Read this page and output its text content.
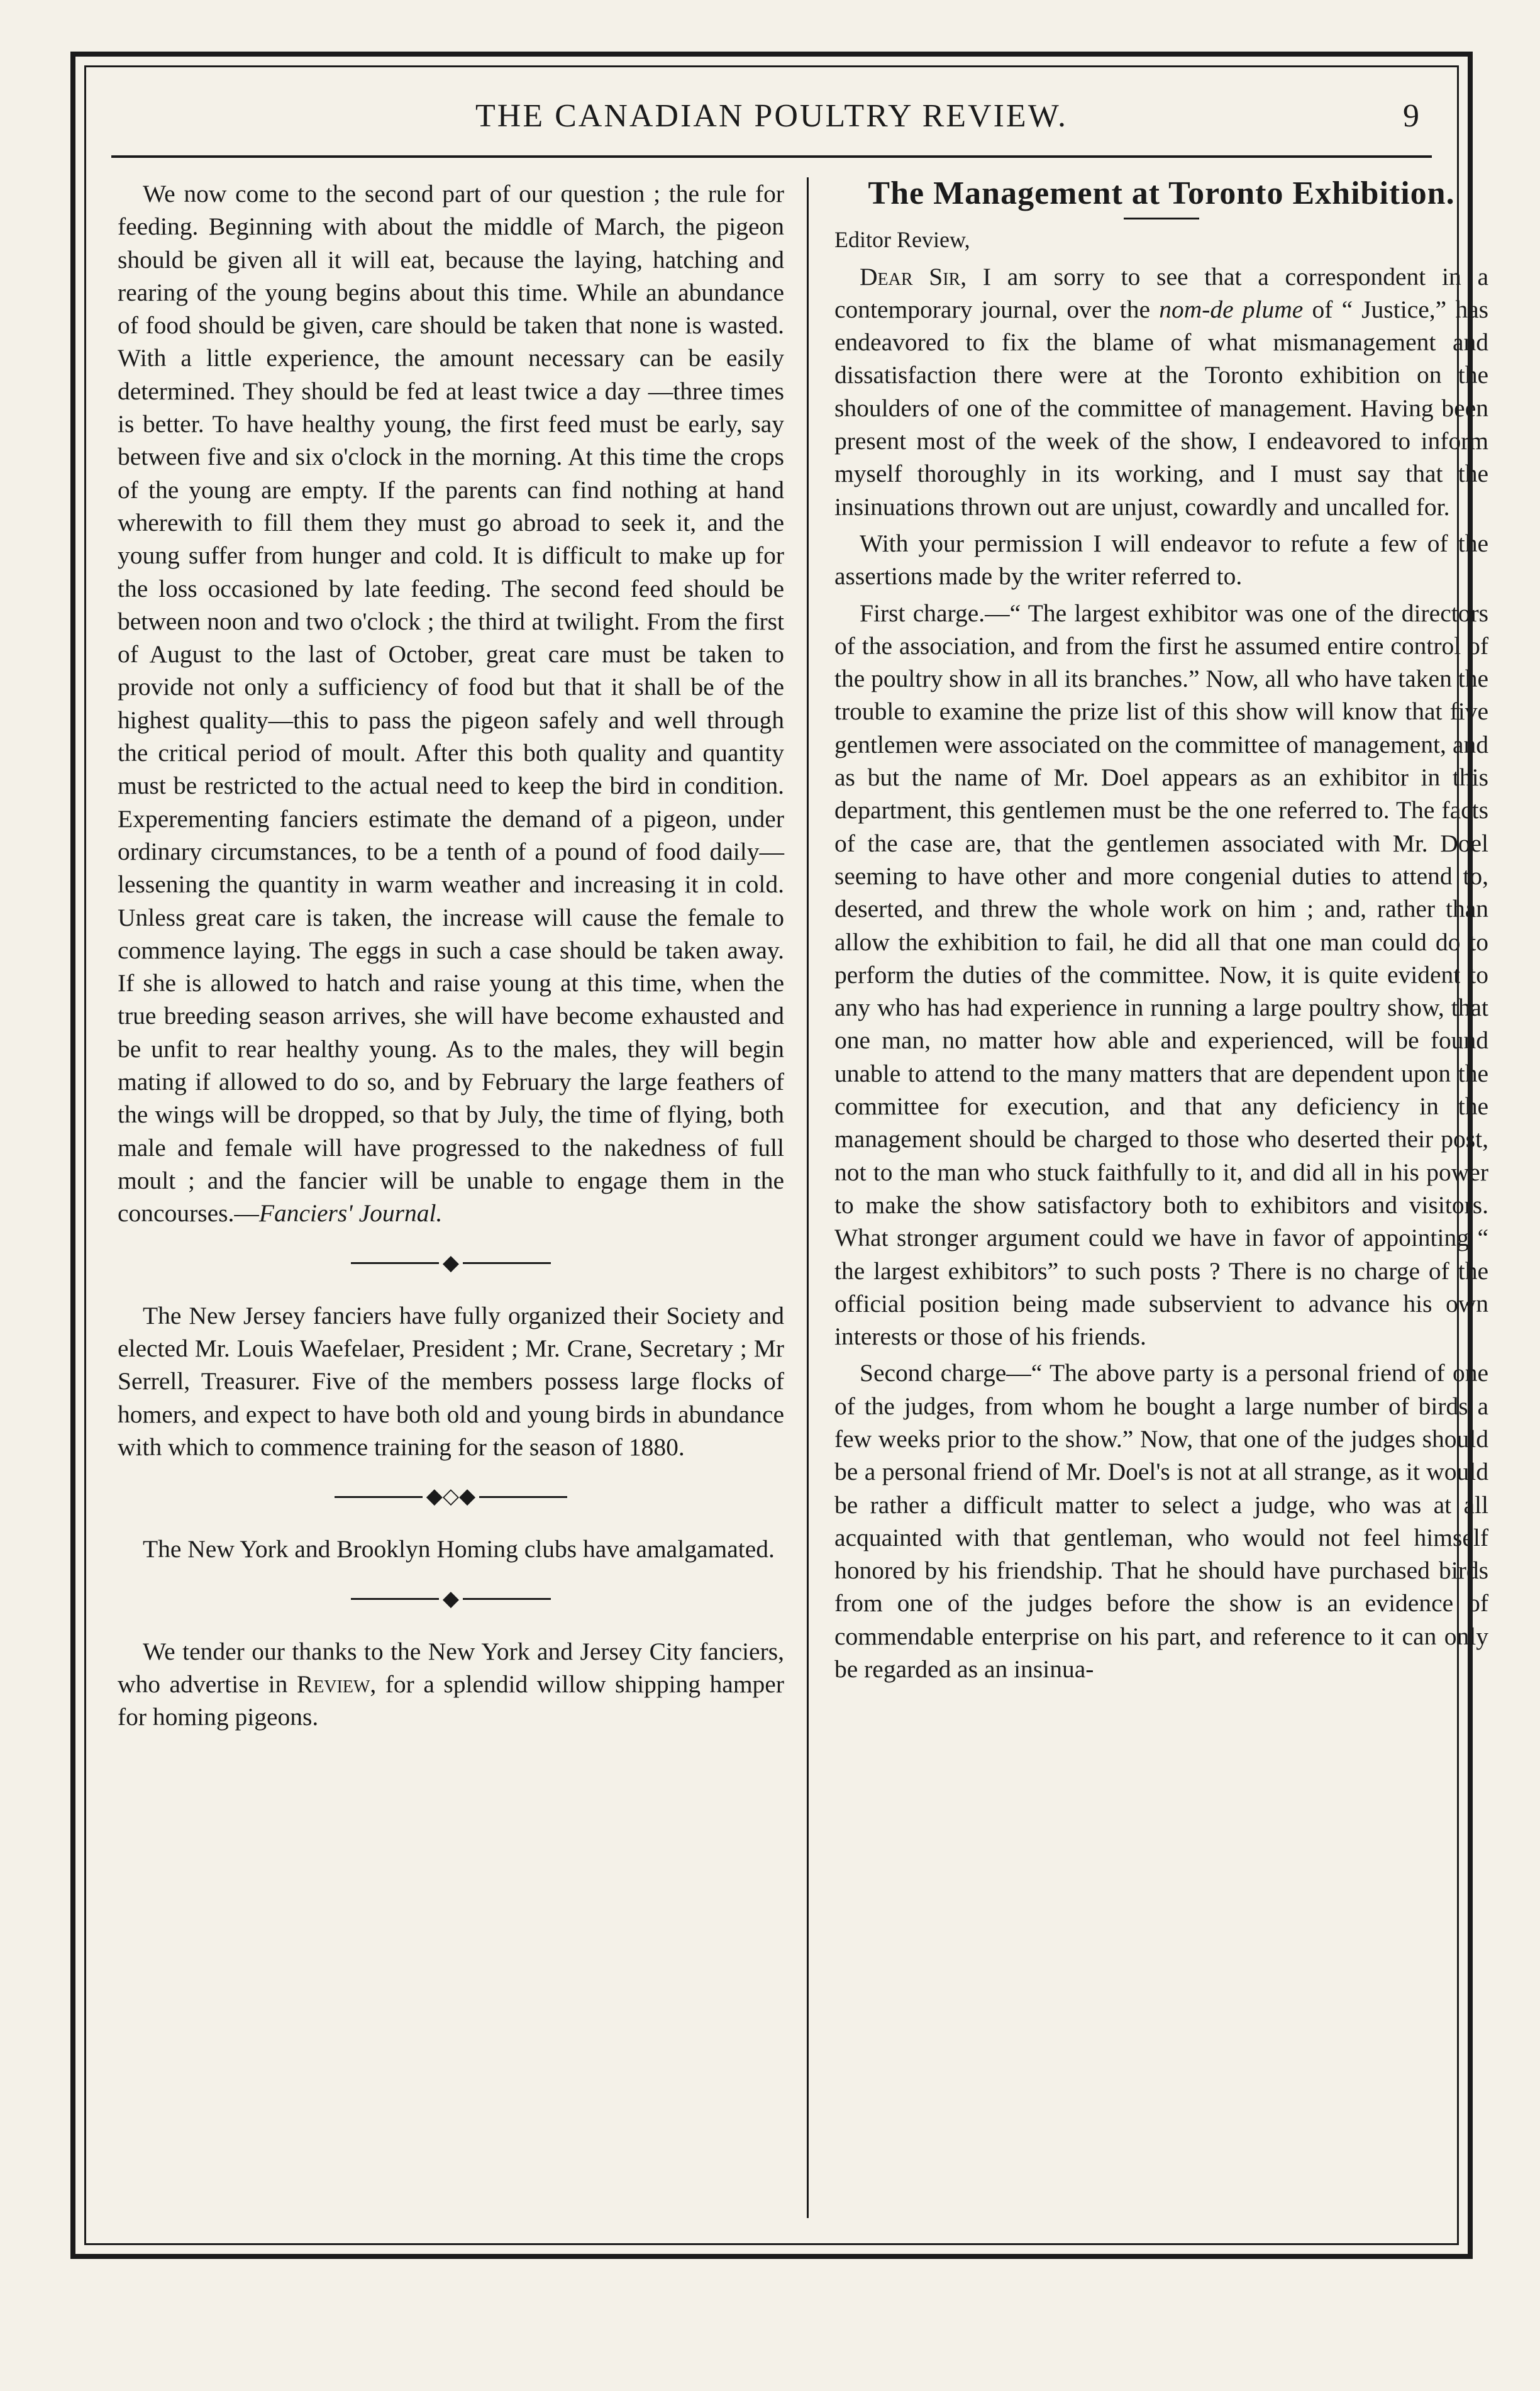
THE CANADIAN POULTRY REVIEW.	9

We now come to the second part of our question ; the rule for feeding. Beginning with about the middle of March, the pigeon should be given all it will eat, because the laying, hatching and rearing of the young begins about this time. While an abundance of food should be given, care should be taken that none is wasted. With a little experience, the amount necessary can be easily determined. They should be fed at least twice a day —three times is better. To have healthy young, the first feed must be early, say between five and six o'clock in the morning. At this time the crops of the young are empty. If the parents can find nothing at hand wherewith to fill them they must go abroad to seek it, and the young suffer from hunger and cold. It is difficult to make up for the loss occasioned by late feeding. The second feed should be between noon and two o'clock ; the third at twilight. From the first of August to the last of October, great care must be taken to provide not only a sufficiency of food but that it shall be of the highest quality—this to pass the pigeon safely and well through the critical period of moult. After this both quality and quantity must be restricted to the actual need to keep the bird in condition. Experementing fanciers estimate the demand of a pigeon, under ordinary circumstances, to be a tenth of a pound of food daily—lessening the quantity in warm weather and increasing it in cold. Unless great care is taken, the increase will cause the female to commence laying. The eggs in such a case should be taken away. If she is allowed to hatch and raise young at this time, when the true breeding season arrives, she will have become exhausted and be unfit to rear healthy young. As to the males, they will begin mating if allowed to do so, and by February the large feathers of the wings will be dropped, so that by July, the time of flying, both male and female will have progressed to the nakedness of full moult ; and the fancier will be unable to engage them in the concourses.—Fanciers' Journal.

◆

The New Jersey fanciers have fully organized their Society and elected Mr. Louis Waefelaer, President ; Mr. Crane, Secretary ; Mr Serrell, Treasurer. Five of the members possess large flocks of homers, and expect to have both old and young birds in abundance with which to commence training for the season of 1880.

◆◇◆

The New York and Brooklyn Homing clubs have amalgamated.

◆

We tender our thanks to the New York and Jersey City fanciers, who advertise in Review, for a splendid willow shipping hamper for homing pigeons.

The Management at Toronto Exhibition.

Editor Review,

Dear Sir, I am sorry to see that a correspondent in a contemporary journal, over the nom-de plume of “ Justice,” has endeavored to fix the blame of what mismanagement and dissatisfaction there were at the Toronto exhibition on the shoulders of one of the committee of management. Having been present most of the week of the show, I endeavored to inform myself thoroughly in its working, and I must say that the insinuations thrown out are unjust, cowardly and uncalled for.

With your permission I will endeavor to refute a few of the assertions made by the writer referred to.

First charge.—“ The largest exhibitor was one of the directors of the association, and from the first he assumed entire control of the poultry show in all its branches.” Now, all who have taken the trouble to examine the prize list of this show will know that five gentlemen were associated on the committee of management, and as but the name of Mr. Doel appears as an exhibitor in this department, this gentlemen must be the one referred to. The facts of the case are, that the gentlemen associated with Mr. Doel seeming to have other and more congenial duties to attend to, deserted, and threw the whole work on him ; and, rather than allow the exhibition to fail, he did all that one man could do to perform the duties of the committee. Now, it is quite evident to any who has had experience in running a large poultry show, that one man, no matter how able and experienced, will be found unable to attend to the many matters that are dependent upon the committee for execution, and that any deficiency in the management should be charged to those who deserted their post, not to the man who stuck faithfully to it, and did all in his power to make the show satisfactory both to exhibitors and visitors. What stronger argument could we have in favor of appointing “ the largest exhibitors” to such posts ? There is no charge of the official position being made subservient to advance his own interests or those of his friends.

Second charge—“ The above party is a personal friend of one of the judges, from whom he bought a large number of birds a few weeks prior to the show.” Now, that one of the judges should be a personal friend of Mr. Doel's is not at all strange, as it would be rather a difficult matter to select a judge, who was at all acquainted with that gentleman, who would not feel himself honored by his friendship. That he should have purchased birds from one of the judges before the show is an evidence of commendable enterprise on his part, and reference to it can only be regarded as an insinua-
